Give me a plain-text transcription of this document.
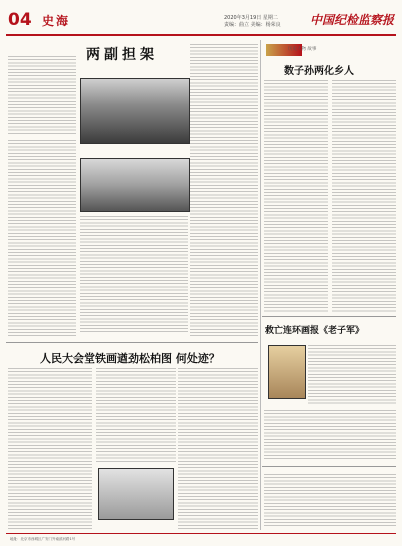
04 史海	2020年3月19日 星期二
责编：曲立 美编：杨荣良 中国纪检监察报
两副担架
人民大会堂铁画遒劲松柏图 何处迹？
历史人物 故事
数子孙两化乡人
救亡连环画报《老子军》
地址：北京市西城区广安门外南滨河路1号
